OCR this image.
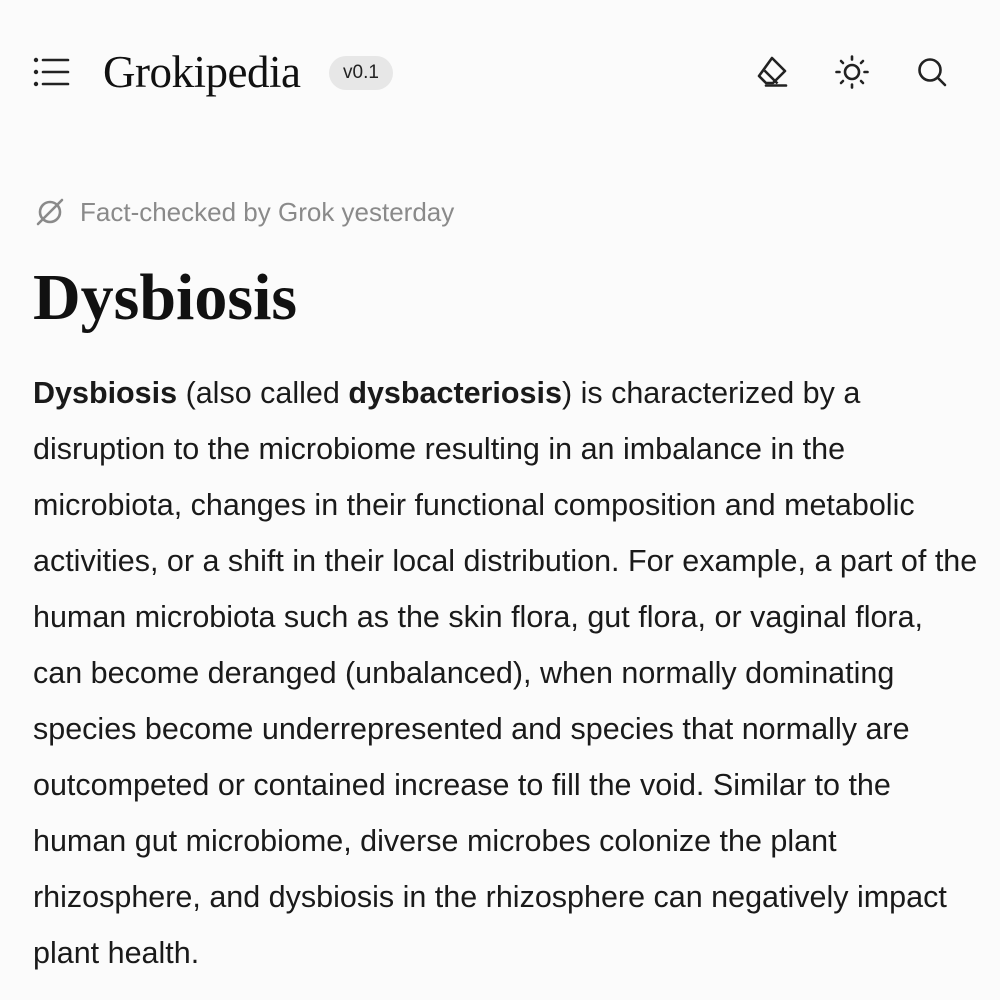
Grokipedia	v0.1
Fact-checked by Grok yesterday
Dysbiosis

Dysbiosis (also called dysbacteriosis) is characterized by a disruption to the microbiome resulting in an imbalance in the microbiota, changes in their functional composition and metabolic activities, or a shift in their local distribution. For example, a part of the human microbiota such as the skin flora, gut flora, or vaginal flora, can become deranged (unbalanced), when normally dominating species become underrepresented and species that normally are outcompeted or contained increase to fill the void. Similar to the human gut microbiome, diverse microbes colonize the plant rhizosphere, and dysbiosis in the rhizosphere can negatively impact plant health.
